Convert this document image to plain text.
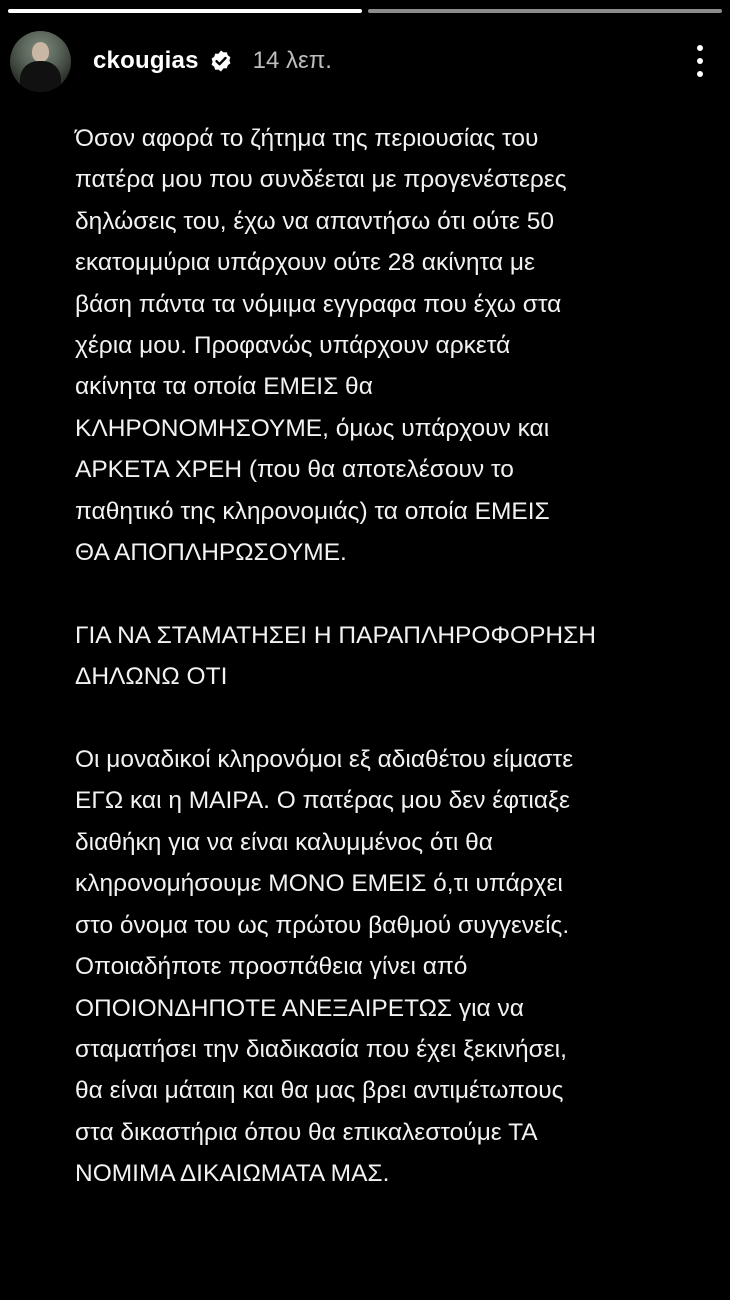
ckougias 14 λεπ.
Όσον αφορά το ζήτημα της περιουσίας του
πατέρα μου που συνδέεται με προγενέστερες
δηλώσεις του, έχω να απαντήσω ότι ούτε 50
εκατομμύρια υπάρχουν ούτε 28 ακίνητα με
βάση πάντα τα νόμιμα εγγραφα που έχω στα
χέρια μου. Προφανώς υπάρχουν αρκετά
ακίνητα τα οποία ΕΜΕΙΣ θα
ΚΛΗΡΟΝΟΜΗΣΟΥΜΕ, όμως υπάρχουν και
ΑΡΚΕΤΑ ΧΡΕΗ (που θα αποτελέσουν το
παθητικό της κληρονομιάς) τα οποία ΕΜΕΙΣ
ΘΑ ΑΠΟΠΛΗΡΩΣΟΥΜΕ.
ΓΙΑ ΝΑ ΣΤΑΜΑΤΗΣΕΙ Η ΠΑΡΑΠΛΗΡΟΦΟΡΗΣΗ
ΔΗΛΩΝΩ ΟΤΙ
Οι μοναδικοί κληρονόμοι εξ αδιαθέτου είμαστε
ΕΓΩ και η ΜΑΙΡΑ. Ο πατέρας μου δεν έφτιαξε
διαθήκη για να είναι καλυμμένος ότι θα
κληρονομήσουμε ΜΟΝΟ ΕΜΕΙΣ ό,τι υπάρχει
στο όνομα του ως πρώτου βαθμού συγγενείς.
Οποιαδήποτε προσπάθεια γίνει από
ΟΠΟΙΟΝΔΗΠΟΤΕ ΑΝΕΞΑΙΡΕΤΩΣ για να
σταματήσει την διαδικασία που έχει ξεκινήσει,
θα είναι μάταιη και θα μας βρει αντιμέτωπους
στα δικαστήρια όπου θα επικαλεστούμε ΤΑ
ΝΟΜΙΜΑ ΔΙΚΑΙΩΜΑΤΑ ΜΑΣ.
